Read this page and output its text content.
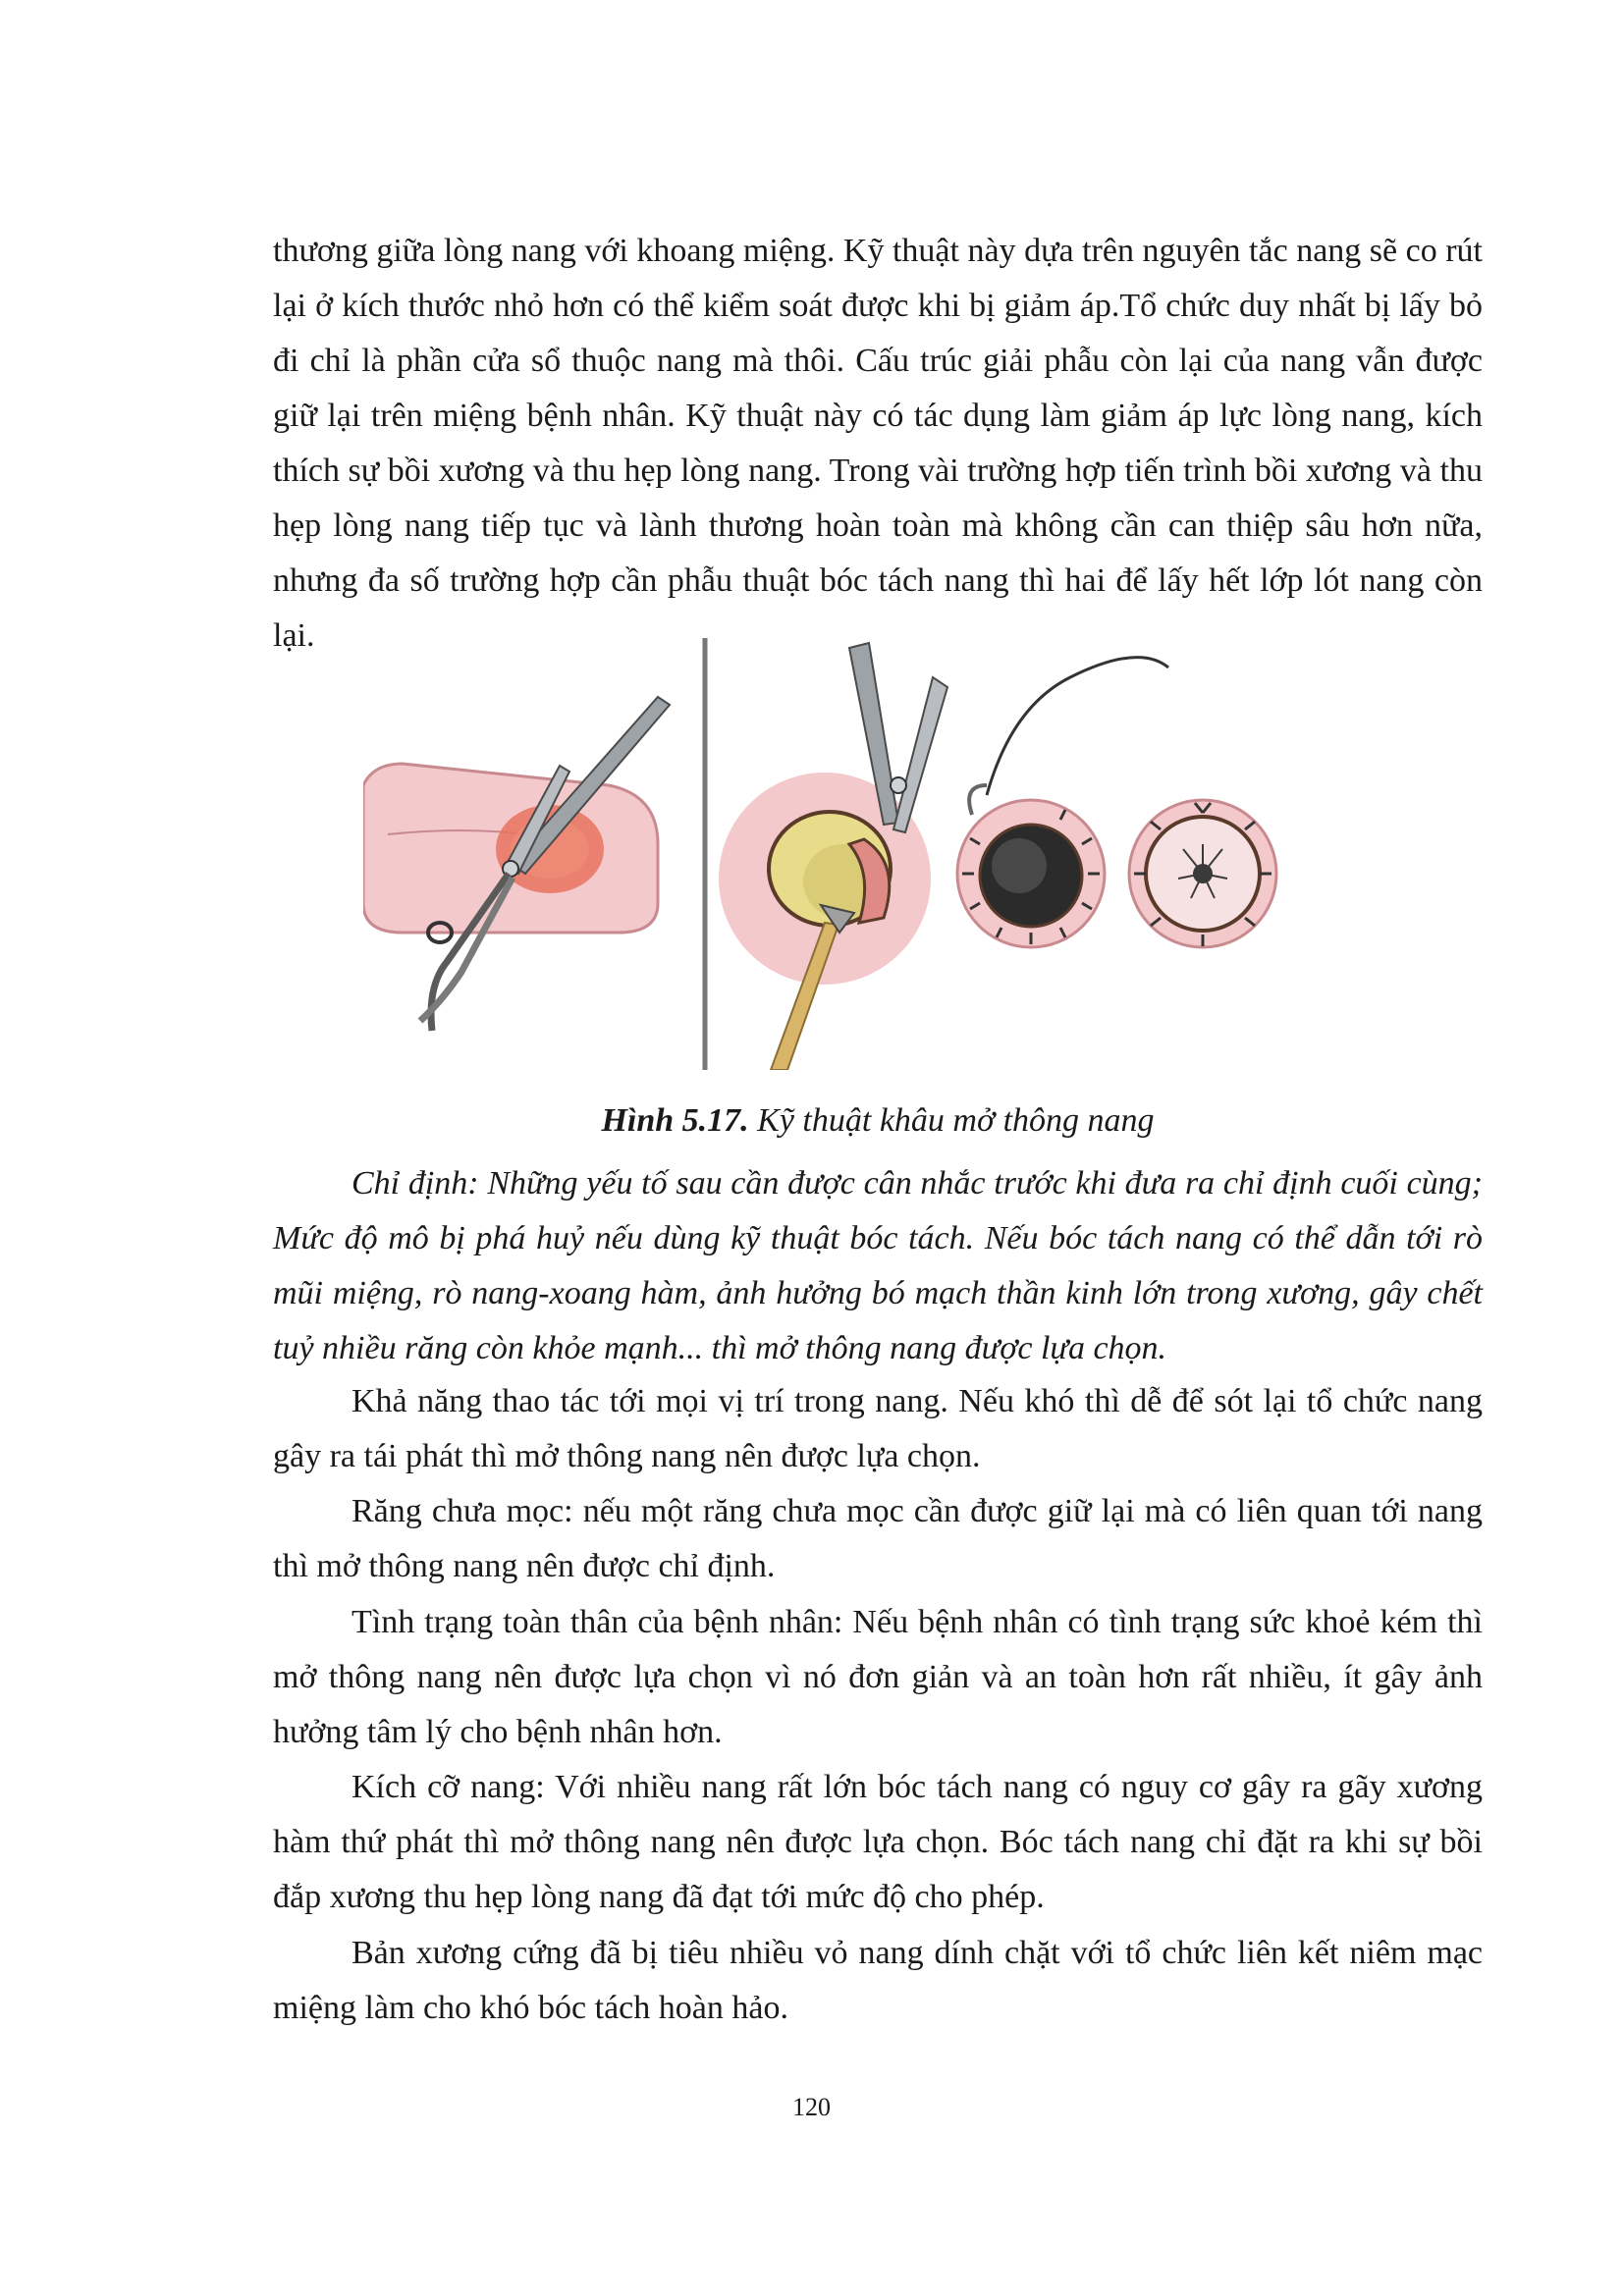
thương giữa lòng nang với khoang miệng. Kỹ thuật này dựa trên nguyên tắc nang sẽ co rút lại ở kích thước nhỏ hơn có thể kiểm soát được khi bị giảm áp.Tổ chức duy nhất bị lấy bỏ đi chỉ là phần cửa sổ thuộc nang mà thôi. Cấu trúc giải phẫu còn lại của nang vẫn được giữ lại trên miệng bệnh nhân. Kỹ thuật này có tác dụng làm giảm áp lực lòng nang, kích thích sự bồi xương và thu hẹp lòng nang. Trong vài trường hợp tiến trình bồi xương và thu hẹp lòng nang tiếp tục và lành thương hoàn toàn mà không cần can thiệp sâu hơn nữa, nhưng đa số trường hợp cần phẫu thuật bóc tách nang thì hai để lấy hết lớp lót nang còn lại.

Hình 5.17. Kỹ thuật khâu mở thông nang

Chỉ định: Những yếu tố sau cần được cân nhắc trước khi đưa ra chỉ định cuối cùng; Mức độ mô bị phá huỷ nếu dùng kỹ thuật bóc tách. Nếu bóc tách nang có thể dẫn tới rò mũi miệng, rò nang-xoang hàm, ảnh hưởng bó mạch thần kinh lớn trong xương, gây chết tuỷ nhiều răng còn khỏe mạnh... thì mở thông nang được lựa chọn.

Khả năng thao tác tới mọi vị trí trong nang. Nếu khó thì dễ để sót lại tổ chức nang gây ra tái phát thì mở thông nang nên được lựa chọn.

Răng chưa mọc: nếu một răng chưa mọc cần được giữ lại mà có liên quan tới nang thì mở thông nang nên được chỉ định.

Tình trạng toàn thân của bệnh nhân: Nếu bệnh nhân có tình trạng sức khoẻ kém thì mở thông nang nên được lựa chọn vì nó đơn giản và an toàn hơn rất nhiều, ít gây ảnh hưởng tâm lý cho bệnh nhân hơn.

Kích cỡ nang: Với nhiều nang rất lớn bóc tách nang có nguy cơ gây ra gãy xương hàm thứ phát thì mở thông nang nên được lựa chọn. Bóc tách nang chỉ đặt ra khi sự bồi đắp xương thu hẹp lòng nang đã đạt tới mức độ cho phép.

Bản xương cứng đã bị tiêu nhiều vỏ nang dính chặt với tổ chức liên kết niêm mạc miệng làm cho khó bóc tách hoàn hảo.

120
